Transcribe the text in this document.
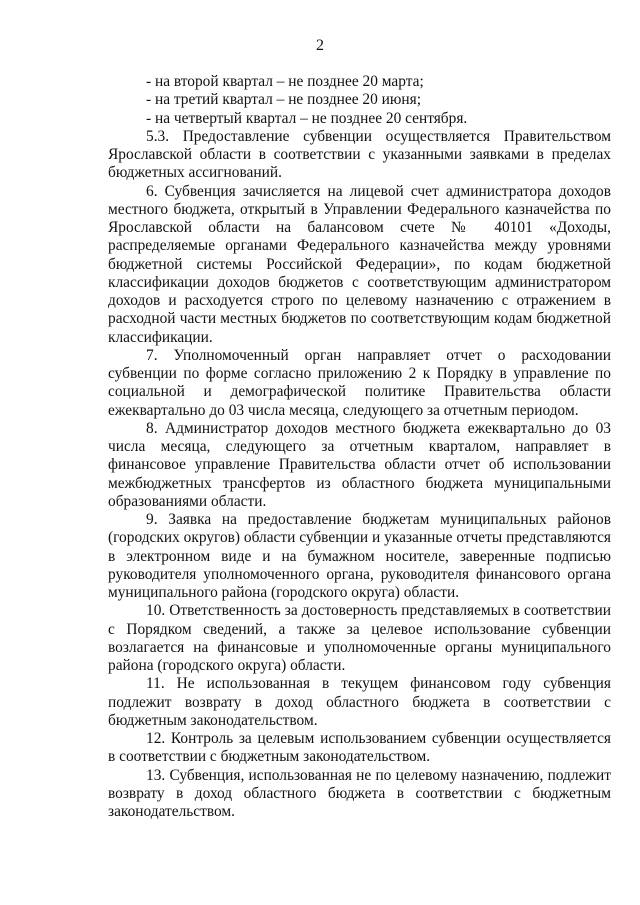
2

- на второй квартал – не позднее 20 марта;

- на третий квартал – не позднее 20 июня;

- на четвертый квартал – не позднее 20 сентября.

5.3. Предоставление субвенции осуществляется Правительством Ярославской области в соответствии с указанными заявками в пределах бюджетных ассигнований.

6. Субвенция зачисляется на лицевой счет администратора доходов местного бюджета, открытый в Управлении Федерального казначейства по Ярославской области на балансовом счете № 40101 «Доходы, распределяемые органами Федерального казначейства между уровнями бюджетной системы Российской Федерации», по кодам бюджетной классификации доходов бюджетов с соответствующим администратором доходов и расходуется строго по целевому назначению с отражением в расходной части местных бюджетов по соответствующим кодам бюджетной классификации.

7. Уполномоченный орган направляет отчет о расходовании субвенции по форме согласно приложению 2 к Порядку в управление по социальной и демографической политике Правительства области ежеквартально до 03 числа месяца, следующего за отчетным периодом.

8. Администратор доходов местного бюджета ежеквартально до 03 числа месяца, следующего за отчетным кварталом, направляет в финансовое управление Правительства области отчет об использовании межбюджетных трансфертов из областного бюджета муниципальными образованиями области.

9. Заявка на предоставление бюджетам муниципальных районов (городских округов) области субвенции и указанные отчеты представляются в электронном виде и на бумажном носителе, заверенные подписью руководителя уполномоченного органа, руководителя финансового органа муниципального района (городского округа) области.

10. Ответственность за достоверность представляемых в соответствии с Порядком сведений, а также за целевое использование субвенции возлагается на финансовые и уполномоченные органы муниципального района (городского округа) области.

11. Не использованная в текущем финансовом году субвенция подлежит возврату в доход областного бюджета в соответствии с бюджетным законодательством.

12. Контроль за целевым использованием субвенции осуществляется в соответствии с бюджетным законодательством.

13. Субвенция, использованная не по целевому назначению, подлежит возврату в доход областного бюджета в соответствии с бюджетным законодательством.
